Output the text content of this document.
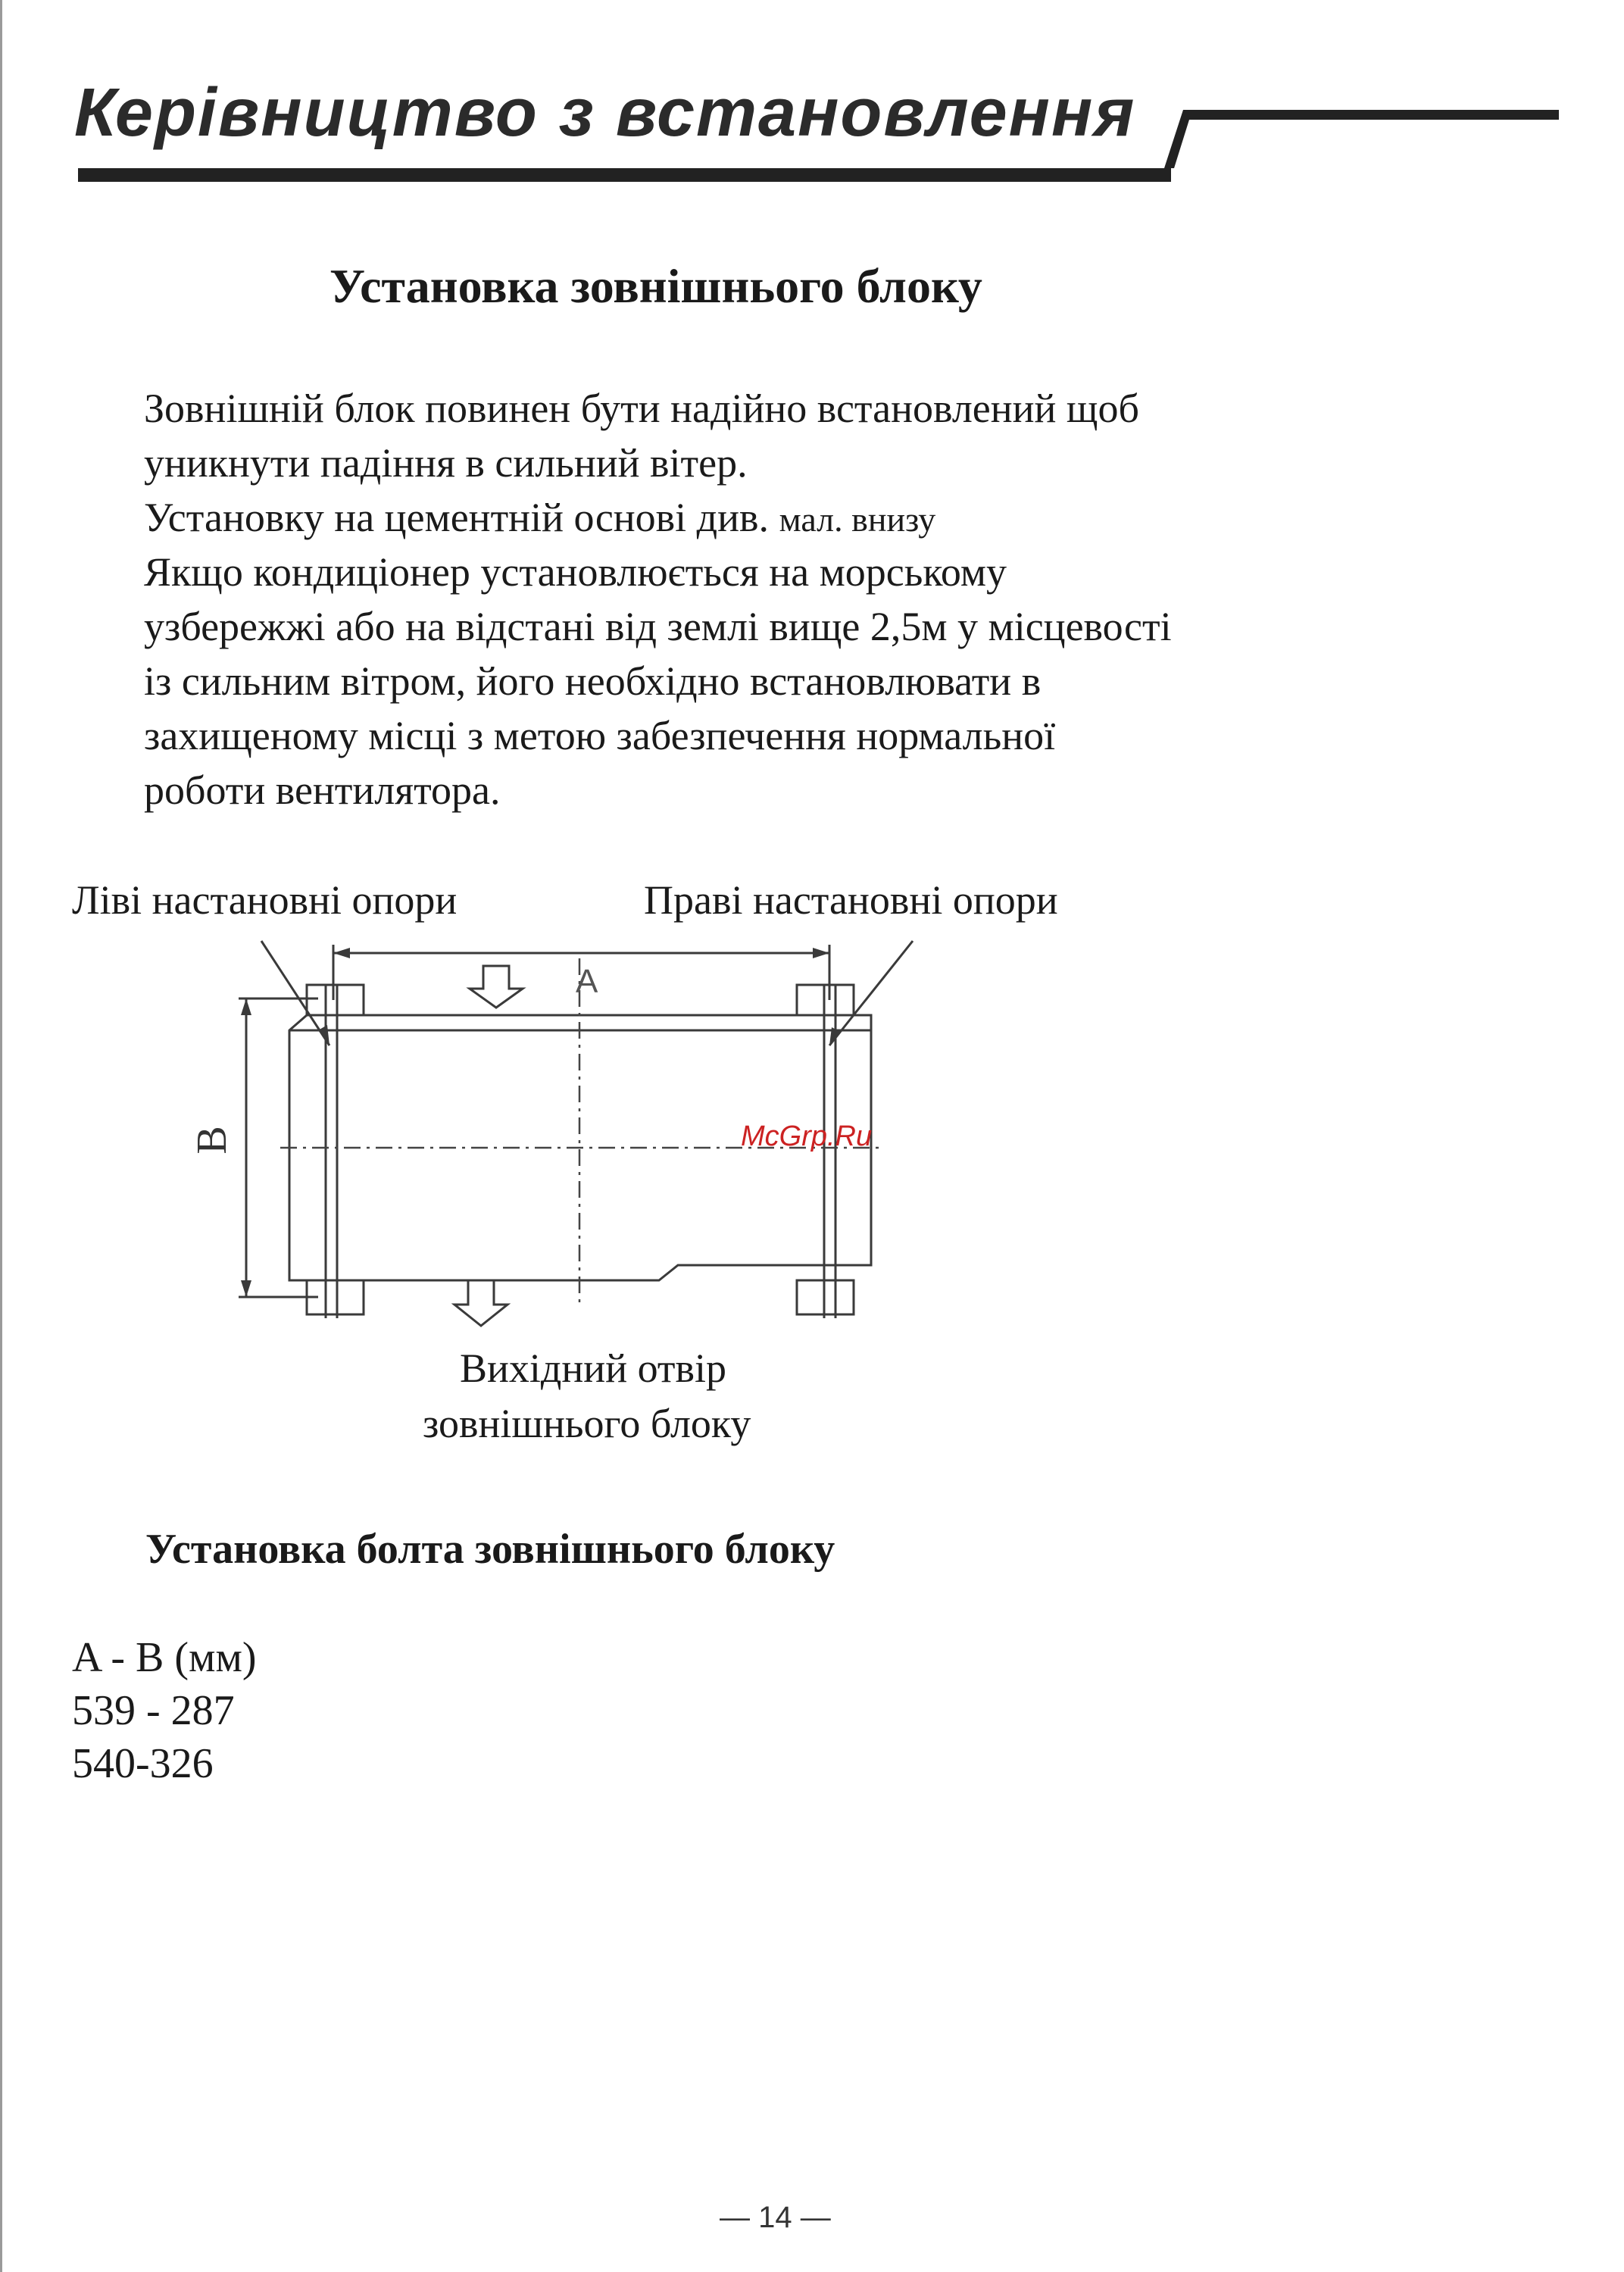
Керівництво з встановлення
Установка зовнішнього блоку
Зовнішній блок повинен бути надійно встановлений щоб
уникнути падіння в сильний вітер.
Установку на цементній основі див. мал. внизу
Якщо кондиціонер установлюється на морському
узбережжі або на відстані від землі вище 2,5м у місцевості
із сильним вітром, його необхідно встановлювати в
захищеному місці з метою забезпечення нормальної
роботи вентилятора.
Ліві настановні опори	Праві настановні опори
A
B	McGrp.Ru
Вихідний отвір
зовнішнього блоку
Установка болта зовнішнього блоку
A - B (мм)
539 - 287
540-326
— 14 —
